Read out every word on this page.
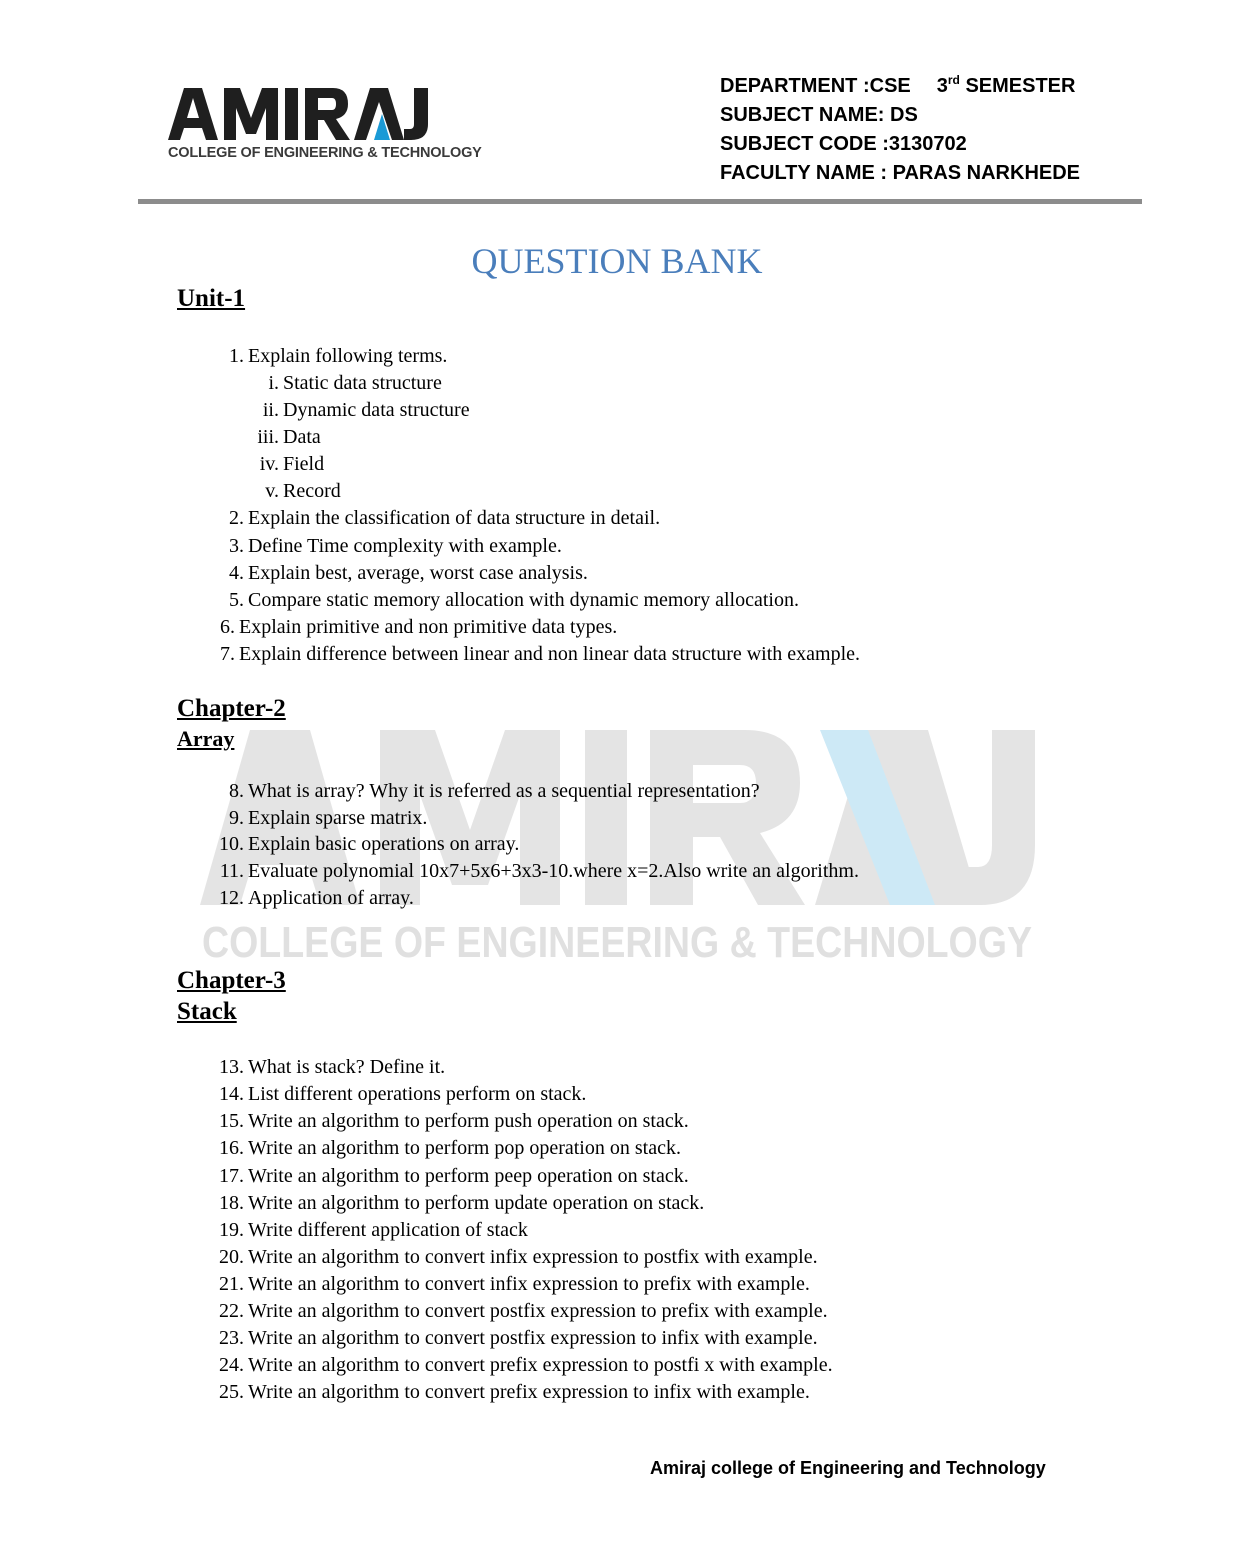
COLLEGE OF ENGINEERING & TECHNOLOGY
DEPARTMENT :CSE 3rd SEMESTER
SUBJECT NAME: DS
SUBJECT CODE :3130702
FACULTY NAME : PARAS NARKHEDE
COLLEGE OF ENGINEERING & TECHNOLOGY
QUESTION BANK
Unit-1
1. Explain following terms.
i. Static data structure
ii. Dynamic data structure
iii. Data
iv. Field
v. Record
2. Explain the classification of data structure in detail.
3. Define Time complexity with example.
4. Explain best, average, worst case analysis.
5. Compare static memory allocation with dynamic memory allocation.
6. Explain primitive and non primitive data types.
7. Explain difference between linear and non linear data structure with example.
Chapter-2
Array
8. What is array? Why it is referred as a sequential representation?
9. Explain sparse matrix.
10. Explain basic operations on array.
11. Evaluate polynomial 10x7+5x6+3x3-10.where x=2.Also write an algorithm.
12. Application of array.
Chapter-3
Stack
13. What is stack? Define it.
14. List different operations perform on stack.
15. Write an algorithm to perform push operation on stack.
16. Write an algorithm to perform pop operation on stack.
17. Write an algorithm to perform peep operation on stack.
18. Write an algorithm to perform update operation on stack.
19. Write different application of stack
20. Write an algorithm to convert infix expression to postfix with example.
21. Write an algorithm to convert infix expression to prefix with example.
22. Write an algorithm to convert postfix expression to prefix with example.
23. Write an algorithm to convert postfix expression to infix with example.
24. Write an algorithm to convert prefix expression to postfi x with example.
25. Write an algorithm to convert prefix expression to infix with example.
Amiraj college of Engineering and Technology
